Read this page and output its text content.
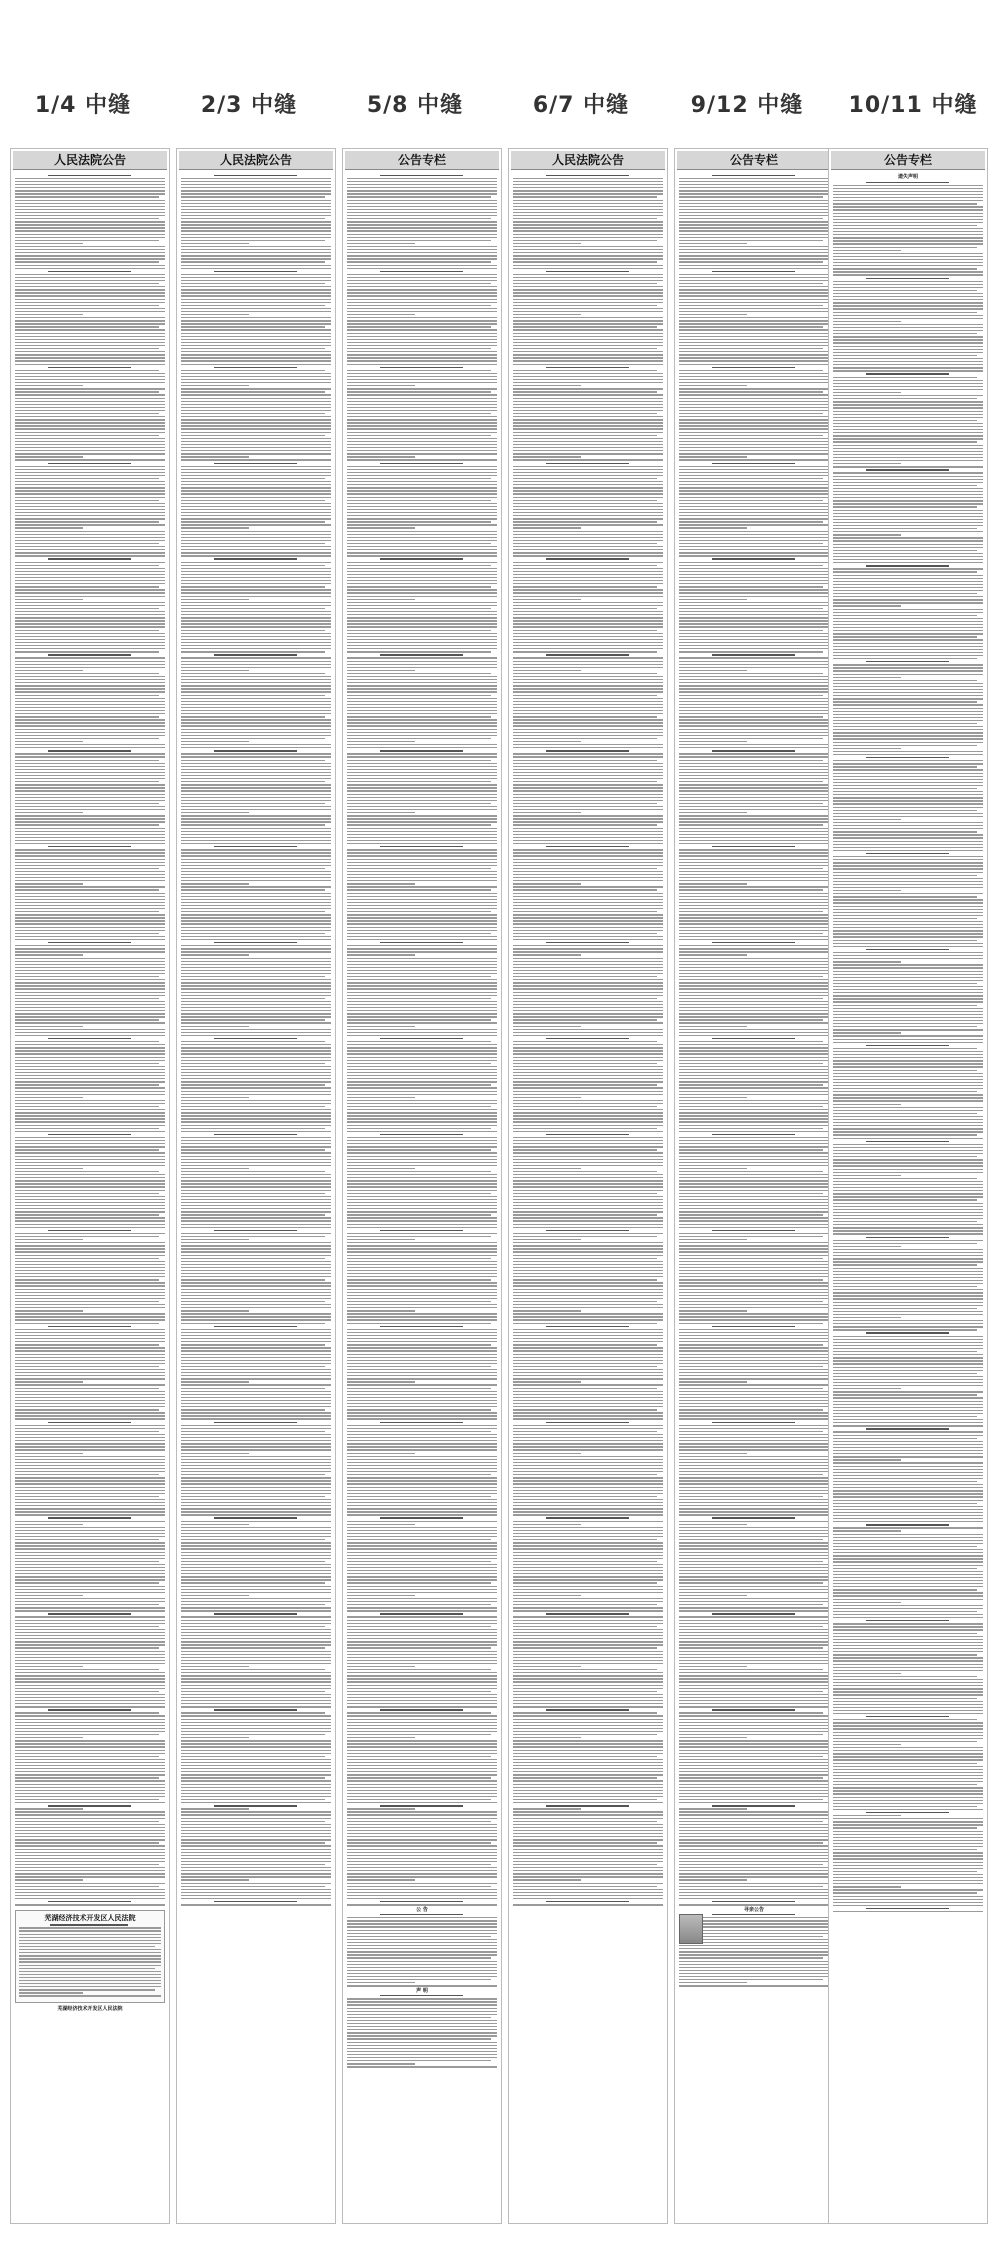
1/4 中缝	2/3 中缝	5/8 中缝	6/7 中缝	9/12 中缝	10/11 中缝
人民法院公告
芜湖经济技术开发区人民法院
芜湖经济技术开发区人民法院
人民法院公告	公告专栏
公 告
声 明
人民法院公告	公告专栏
寻亲公告
公告专栏
遗失声明
